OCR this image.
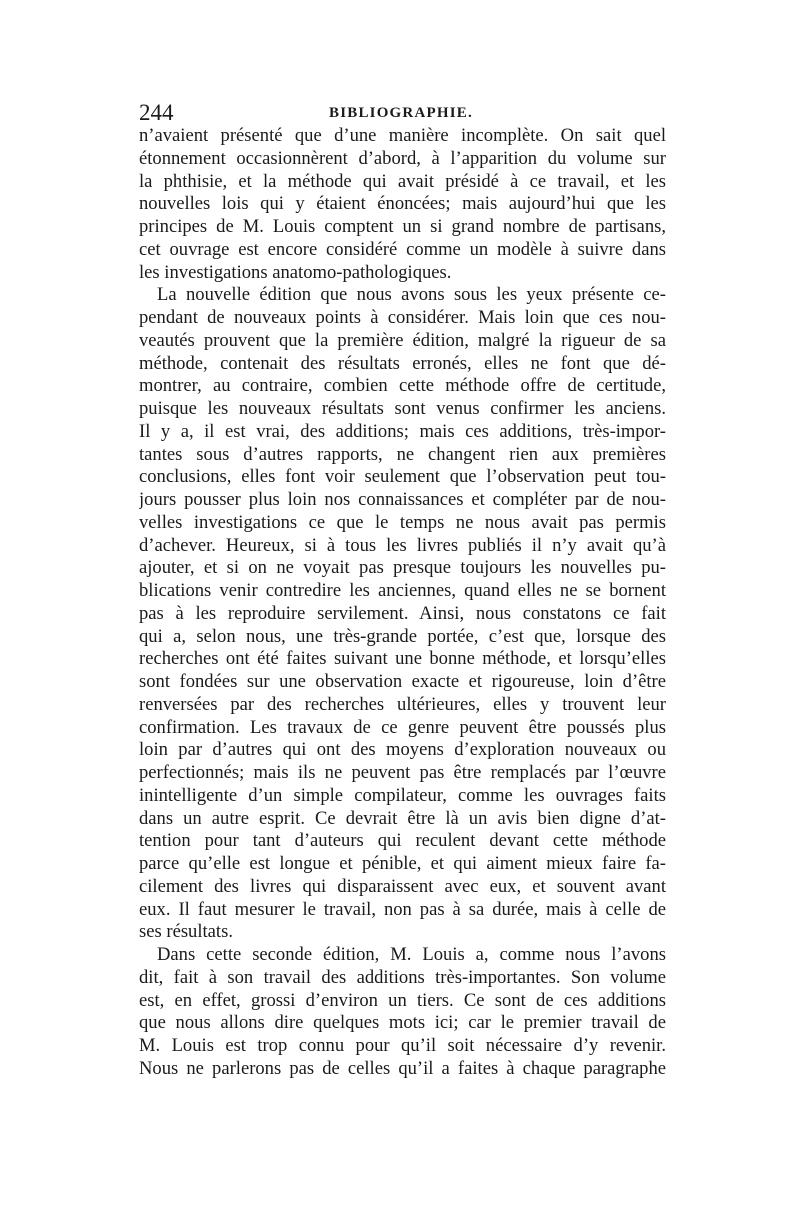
244	BIBLIOGRAPHIE.
n’avaient présenté que d’une manière incomplète. On sait quel
étonnement occasionnèrent d’abord, à l’apparition du volume sur
la phthisie, et la méthode qui avait présidé à ce travail, et les
nouvelles lois qui y étaient énoncées; mais aujourd’hui que les
principes de M. Louis comptent un si grand nombre de partisans,
cet ouvrage est encore considéré comme un modèle à suivre dans
les investigations anatomo-pathologiques.
La nouvelle édition que nous avons sous les yeux présente ce-
pendant de nouveaux points à considérer. Mais loin que ces nou-
veautés prouvent que la première édition, malgré la rigueur de sa
méthode, contenait des résultats erronés, elles ne font que dé-
montrer, au contraire, combien cette méthode offre de certitude,
puisque les nouveaux résultats sont venus confirmer les anciens.
Il y a, il est vrai, des additions; mais ces additions, très-impor-
tantes sous d’autres rapports, ne changent rien aux premières
conclusions, elles font voir seulement que l’observation peut tou-
jours pousser plus loin nos connaissances et compléter par de nou-
velles investigations ce que le temps ne nous avait pas permis
d’achever. Heureux, si à tous les livres publiés il n’y avait qu’à
ajouter, et si on ne voyait pas presque toujours les nouvelles pu-
blications venir contredire les anciennes, quand elles ne se bornent
pas à les reproduire servilement. Ainsi, nous constatons ce fait
qui a, selon nous, une très-grande portée, c’est que, lorsque des
recherches ont été faites suivant une bonne méthode, et lorsqu’elles
sont fondées sur une observation exacte et rigoureuse, loin d’être
renversées par des recherches ultérieures, elles y trouvent leur
confirmation. Les travaux de ce genre peuvent être poussés plus
loin par d’autres qui ont des moyens d’exploration nouveaux ou
perfectionnés; mais ils ne peuvent pas être remplacés par l’œuvre
inintelligente d’un simple compilateur, comme les ouvrages faits
dans un autre esprit. Ce devrait être là un avis bien digne d’at-
tention pour tant d’auteurs qui reculent devant cette méthode
parce qu’elle est longue et pénible, et qui aiment mieux faire fa-
cilement des livres qui disparaissent avec eux, et souvent avant
eux. Il faut mesurer le travail, non pas à sa durée, mais à celle de
ses résultats.
Dans cette seconde édition, M. Louis a, comme nous l’avons
dit, fait à son travail des additions très-importantes. Son volume
est, en effet, grossi d’environ un tiers. Ce sont de ces additions
que nous allons dire quelques mots ici; car le premier travail de
M. Louis est trop connu pour qu’il soit nécessaire d’y revenir.
Nous ne parlerons pas de celles qu’il a faites à chaque paragraphe
